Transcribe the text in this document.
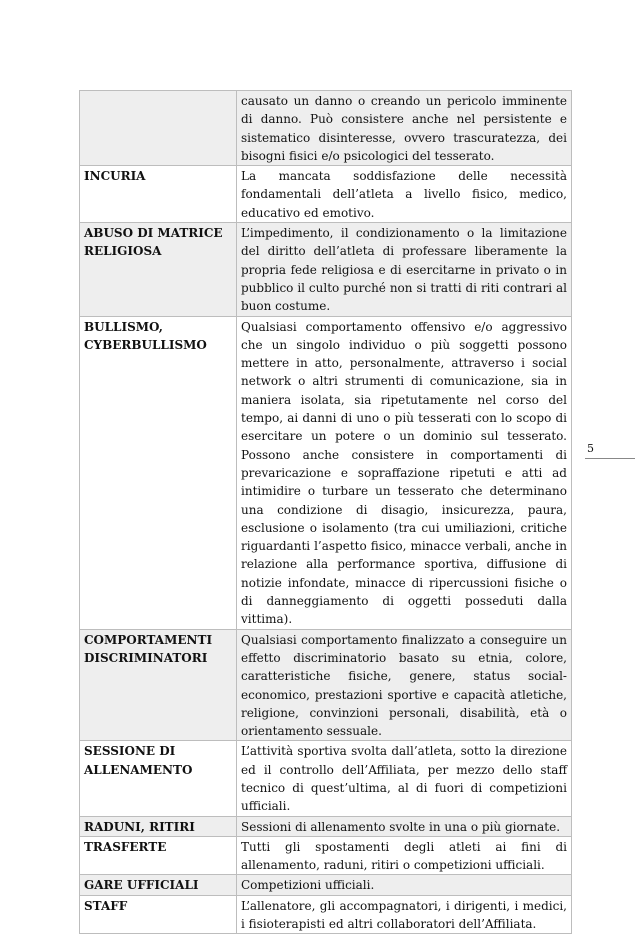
	causato un danno o creando un pericolo imminente di danno. Può consistere anche nel persistente e sistematico disinteresse, ovvero trascuratezza, dei bisogni fisici e/o psicologici del tesserato.
INCURIA	La mancata soddisfazione delle necessità fondamentali dell’atleta a livello fisico, medico, educativo ed emotivo.
ABUSO DI MATRICE RELIGIOSA	L’impedimento, il condizionamento o la limitazione del diritto dell’atleta di professare liberamente la propria fede religiosa e di esercitarne in privato o in pubblico il culto purché non si tratti di riti contrari al buon costume.
BULLISMO, CYBERBULLISMO	Qualsiasi comportamento offensivo e/o aggressivo che un singolo individuo o più soggetti possono mettere in atto, personalmente, attraverso i social network o altri strumenti di comunicazione, sia in maniera isolata, sia ripetutamente nel corso del tempo, ai danni di uno o più tesserati con lo scopo di esercitare un potere o un dominio sul tesserato. Possono anche consistere in comportamenti di prevaricazione e sopraffazione ripetuti e atti ad intimidire o turbare un tesserato che determinano una condizione di disagio, insicurezza, paura, esclusione o isolamento (tra cui umiliazioni, critiche riguardanti l’aspetto fisico, minacce verbali, anche in relazione alla performance sportiva, diffusione di notizie infondate, minacce di ripercussioni fisiche o di danneggiamento di oggetti posseduti dalla vittima).
COMPORTAMENTI DISCRIMINATORI	Qualsiasi comportamento finalizzato a conseguire un effetto discriminatorio basato su etnia, colore, caratteristiche fisiche, genere, status social-economico, prestazioni sportive e capacità atletiche, religione, convinzioni personali, disabilità, età o orientamento sessuale.
SESSIONE DI ALLENAMENTO	L’attività sportiva svolta dall’atleta, sotto la direzione ed il controllo dell’Affiliata, per mezzo dello staff tecnico di quest’ultima, al di fuori di competizioni ufficiali.
RADUNI, RITIRI	Sessioni di allenamento svolte in una o più giornate.
TRASFERTE	Tutti gli spostamenti degli atleti ai fini di allenamento, raduni, ritiri o competizioni ufficiali.
GARE UFFICIALI	Competizioni ufficiali.
STAFF	L’allenatore, gli accompagnatori, i dirigenti, i medici, i fisioterapisti ed altri collaboratori dell’Affiliata.
5
